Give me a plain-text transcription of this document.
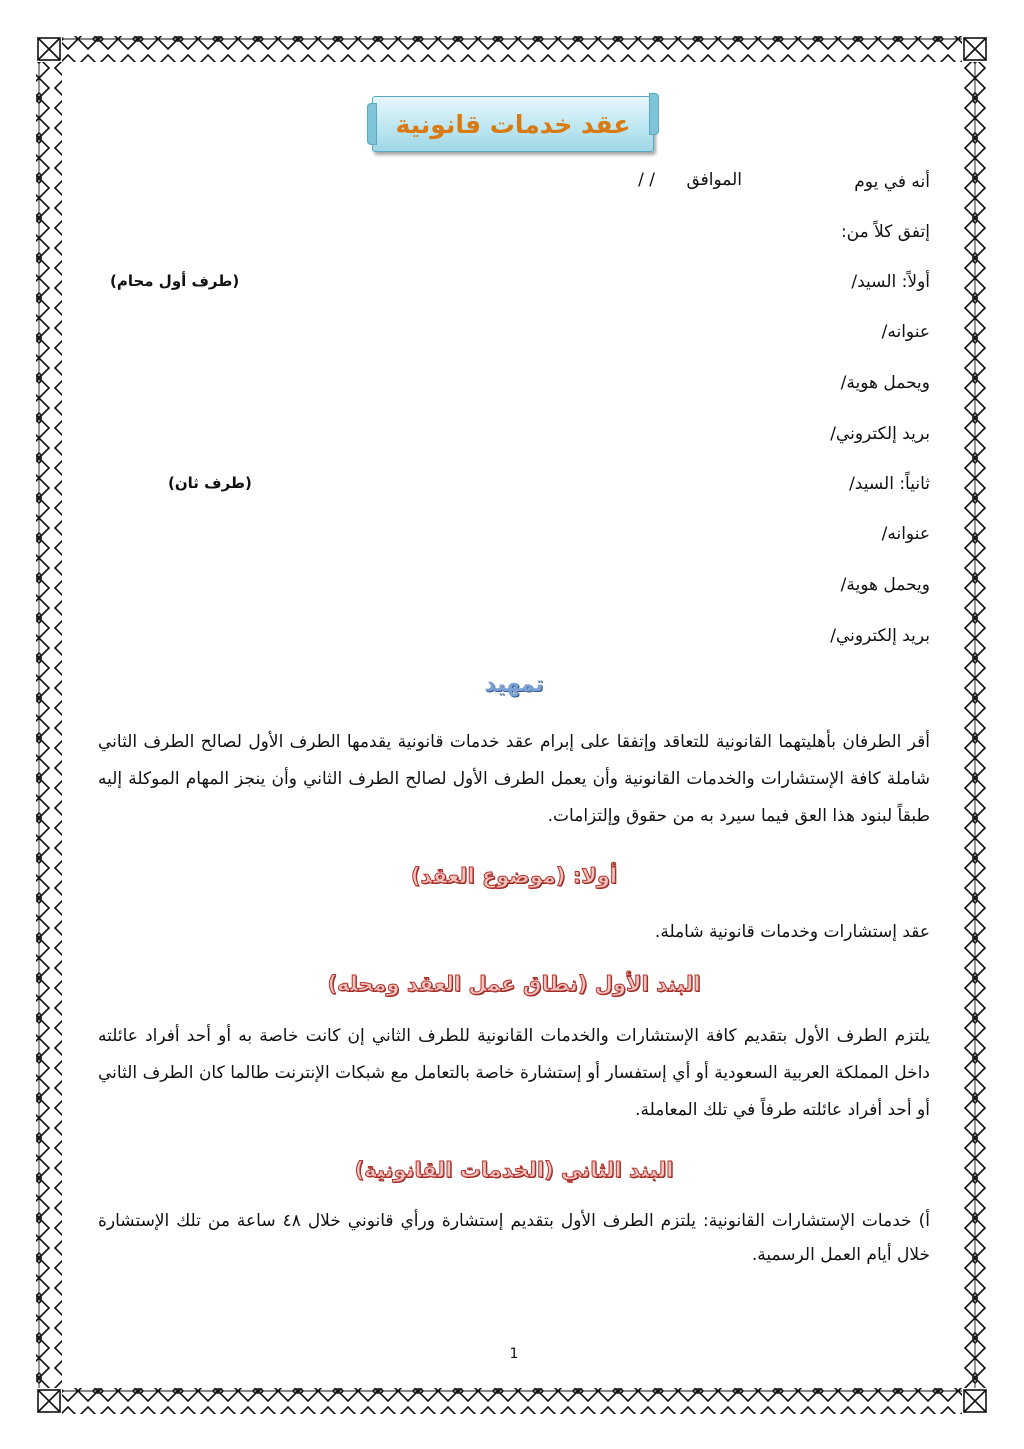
عقد خدمات قانونية
أنه في يوم
الموافق
/ /
إتفق كلاً من:
أولاً: السيد/
(طرف أول محام)
عنوانه/
ويحمل هوية/
بريد إلكتروني/
ثانياً: السيد/
(طرف ثان)
عنوانه/
ويحمل هوية/
بريد إلكتروني/
تمهيد
أقر الطرفان بأهليتهما القانونية للتعاقد وإتفقا على إبرام عقد خدمات قانونية يقدمها الطرف الأول لصالح الطرف الثاني شاملة كافة الإستشارات والخدمات القانونية وأن يعمل الطرف الأول لصالح الطرف الثاني وأن ينجز المهام الموكلة إليه طبقاً لبنود هذا العق فيما سيرد به من حقوق وإلتزامات.
أولا: (موضوع العقد)
عقد إستشارات وخدمات قانونية شاملة.
البند الأول (نطاق عمل العقد ومحله)
يلتزم الطرف الأول بتقديم كافة الإستشارات والخدمات القانونية للطرف الثاني إن كانت خاصة به أو أحد أفراد عائلته داخل المملكة العربية السعودية أو أي إستفسار أو إستشارة خاصة بالتعامل مع شبكات الإنترنت طالما كان الطرف الثاني أو أحد أفراد عائلته طرفاً في تلك المعاملة.
البند الثاني (الخدمات القانونية)
أ) خدمات الإستشارات القانونية: يلتزم الطرف الأول بتقديم إستشارة ورأي قانوني خلال ٤٨ ساعة من تلك الإستشارة خلال أيام العمل الرسمية.
1
